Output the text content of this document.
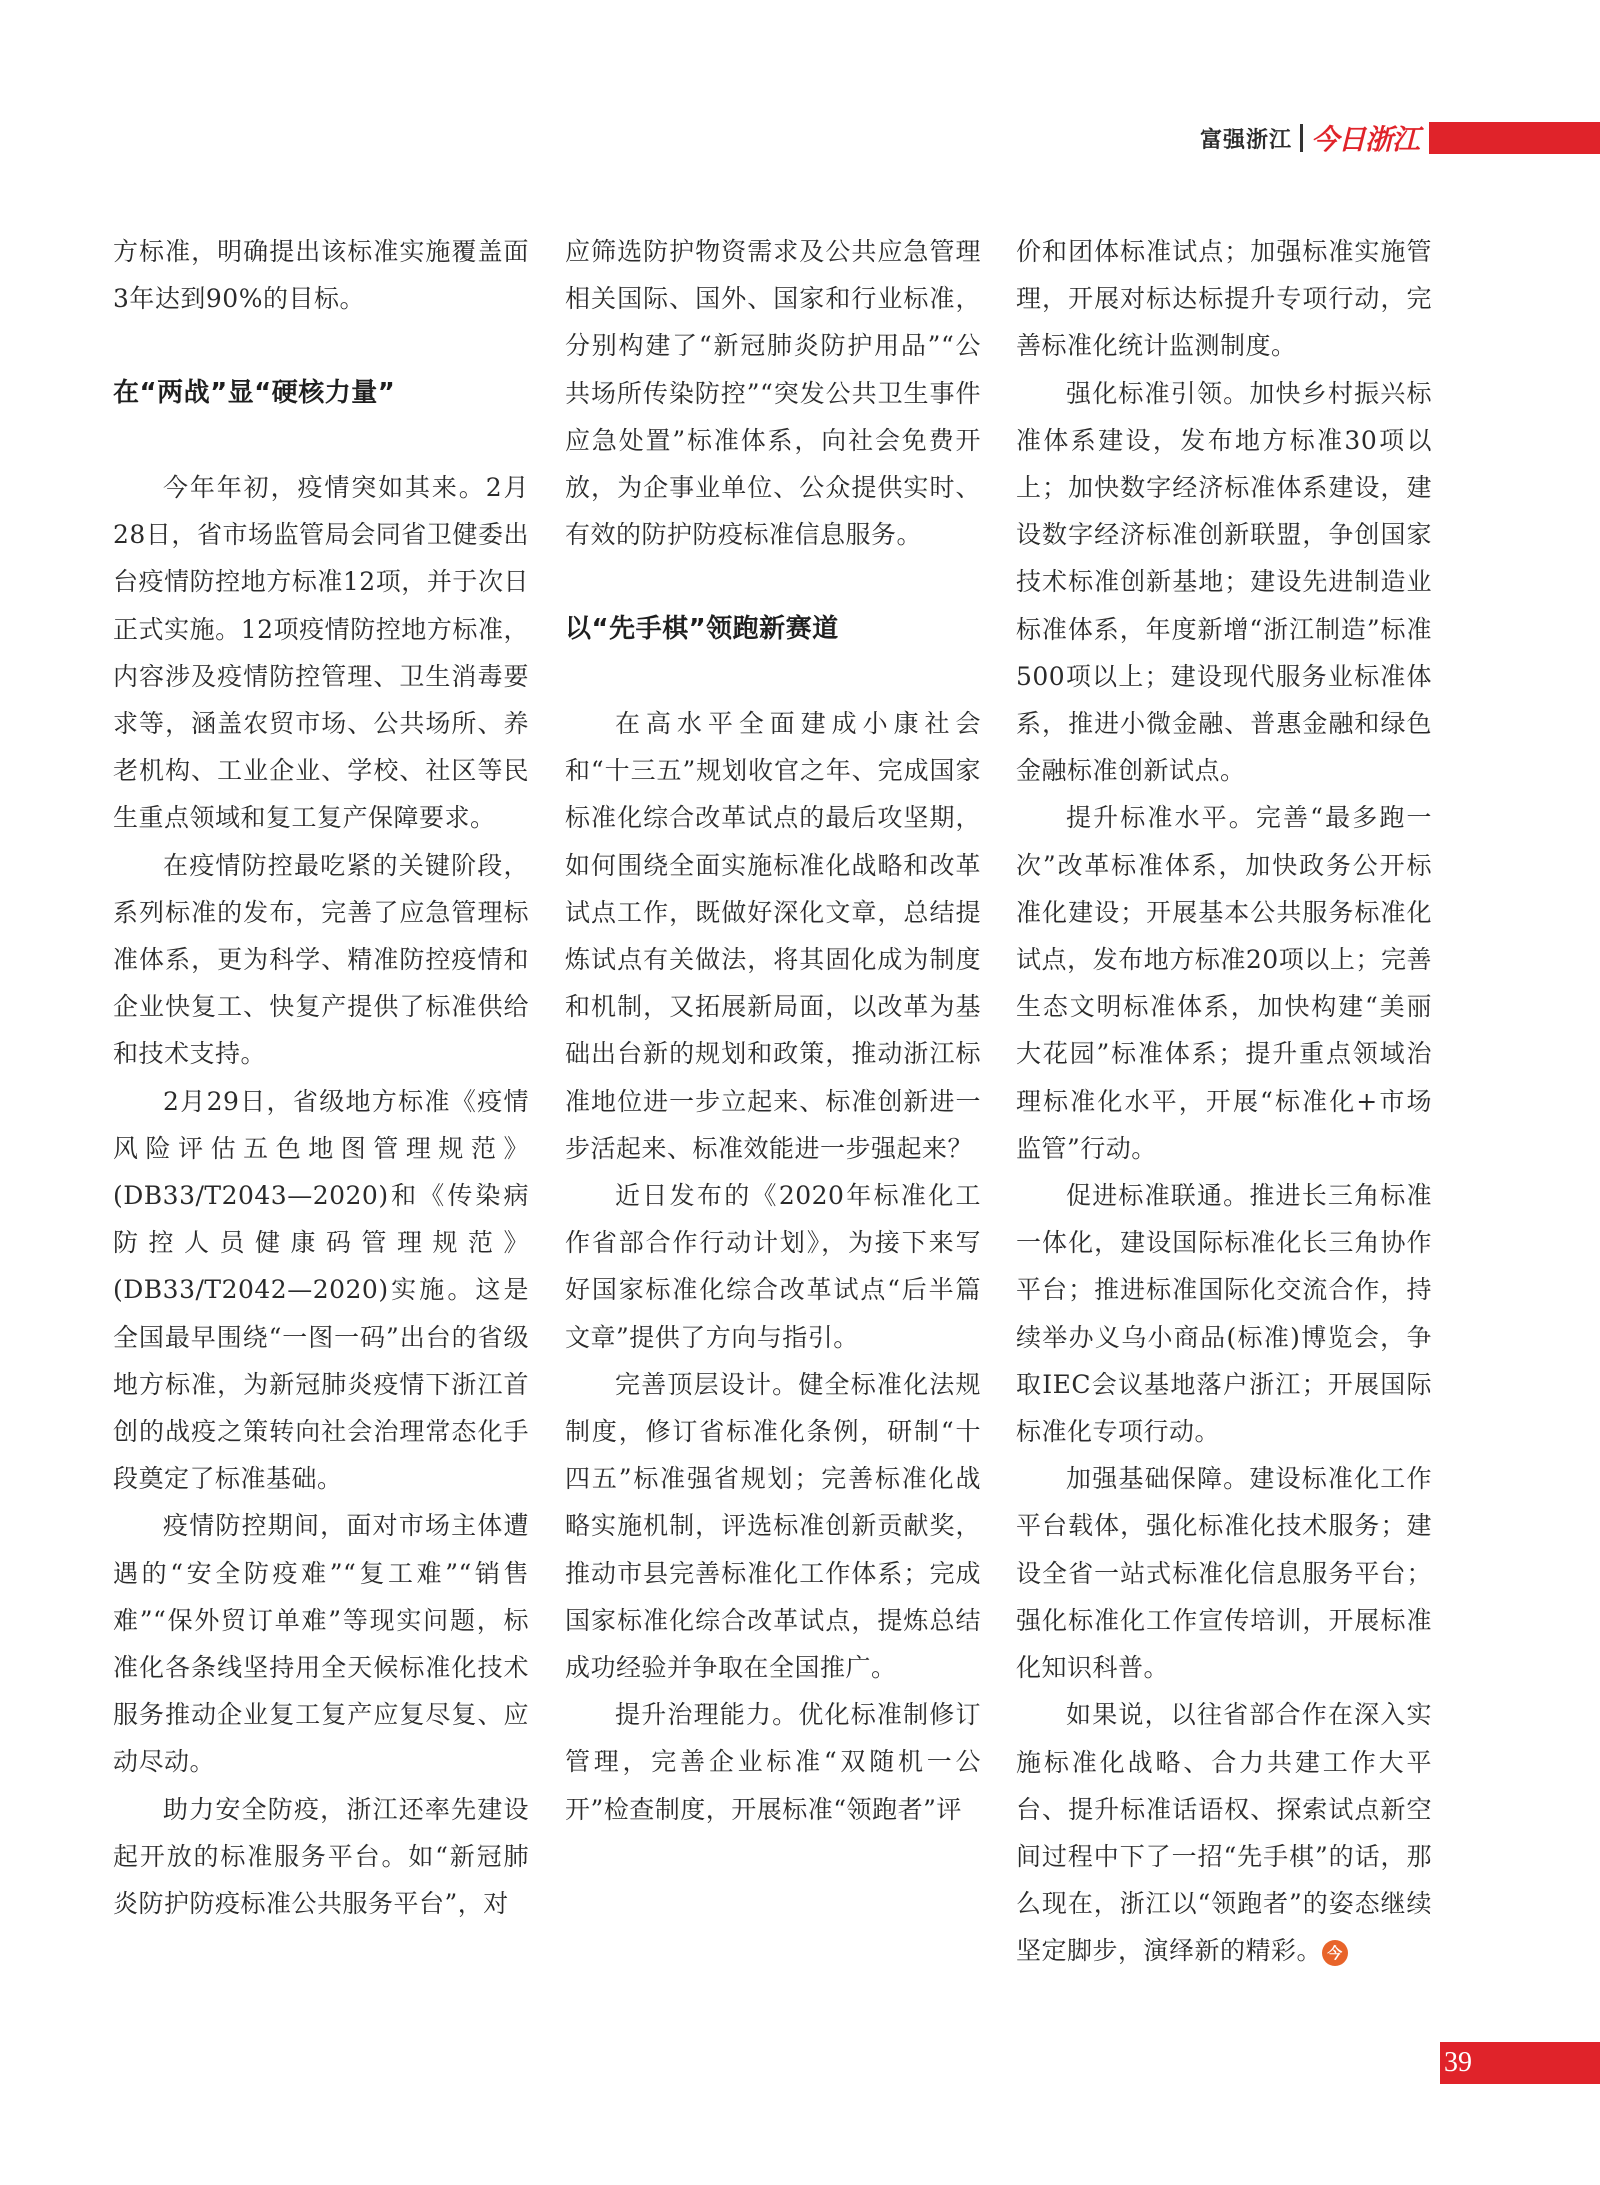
富强浙江 今日浙江

方标准，明确提出该标准实施覆盖面3年达到90%的目标。

在“两战”显“硬核力量”

今年年初，疫情突如其来。2月28日，省市场监管局会同省卫健委出台疫情防控地方标准12项，并于次日正式实施。12项疫情防控地方标准，内容涉及疫情防控管理、卫生消毒要求等，涵盖农贸市场、公共场所、养老机构、工业企业、学校、社区等民生重点领域和复工复产保障要求。

在疫情防控最吃紧的关键阶段，系列标准的发布，完善了应急管理标准体系，更为科学、精准防控疫情和企业快复工、快复产提供了标准供给和技术支持。

2月29日，省级地方标准《疫情风险评估五色地图管理规范》(DB33/T2043—2020)和《传染病防控人员健康码管理规范》(DB33/T2042—2020)实施。这是全国最早围绕“一图一码”出台的省级地方标准，为新冠肺炎疫情下浙江首创的战疫之策转向社会治理常态化手段奠定了标准基础。

疫情防控期间，面对市场主体遭遇的“安全防疫难”“复工难”“销售难”“保外贸订单难”等现实问题，标准化各条线坚持用全天候标准化技术服务推动企业复工复产应复尽复、应动尽动。

助力安全防疫，浙江还率先建设起开放的标准服务平台。如“新冠肺炎防护防疫标准公共服务平台”，对

应筛选防护物资需求及公共应急管理相关国际、国外、国家和行业标准，分别构建了“新冠肺炎防护用品”“公共场所传染防控”“突发公共卫生事件应急处置”标准体系，向社会免费开放，为企事业单位、公众提供实时、有效的防护防疫标准信息服务。

以“先手棋”领跑新赛道

在高水平全面建成小康社会和“十三五”规划收官之年、完成国家标准化综合改革试点的最后攻坚期，如何围绕全面实施标准化战略和改革试点工作，既做好深化文章，总结提炼试点有关做法，将其固化成为制度和机制，又拓展新局面，以改革为基础出台新的规划和政策，推动浙江标准地位进一步立起来、标准创新进一步活起来、标准效能进一步强起来？

近日发布的《2020年标准化工作省部合作行动计划》，为接下来写好国家标准化综合改革试点“后半篇文章”提供了方向与指引。

完善顶层设计。健全标准化法规制度，修订省标准化条例，研制“十四五”标准强省规划；完善标准化战略实施机制，评选标准创新贡献奖，推动市县完善标准化工作体系；完成国家标准化综合改革试点，提炼总结成功经验并争取在全国推广。

提升治理能力。优化标准制修订管理，完善企业标准“双随机一公开”检查制度，开展标准“领跑者”评

价和团体标准试点；加强标准实施管理，开展对标达标提升专项行动，完善标准化统计监测制度。

强化标准引领。加快乡村振兴标准体系建设，发布地方标准30项以上；加快数字经济标准体系建设，建设数字经济标准创新联盟，争创国家技术标准创新基地；建设先进制造业标准体系，年度新增“浙江制造”标准500项以上；建设现代服务业标准体系，推进小微金融、普惠金融和绿色金融标准创新试点。

提升标准水平。完善“最多跑一次”改革标准体系，加快政务公开标准化建设；开展基本公共服务标准化试点，发布地方标准20项以上；完善生态文明标准体系，加快构建“美丽大花园”标准体系；提升重点领域治理标准化水平，开展“标准化+市场监管”行动。

促进标准联通。推进长三角标准一体化，建设国际标准化长三角协作平台；推进标准国际化交流合作，持续举办义乌小商品(标准)博览会，争取IEC会议基地落户浙江；开展国际标准化专项行动。

加强基础保障。建设标准化工作平台载体，强化标准化技术服务；建设全省一站式标准化信息服务平台；强化标准化工作宣传培训，开展标准化知识科普。

如果说，以往省部合作在深入实施标准化战略、合力共建工作大平台、提升标准话语权、探索试点新空间过程中下了一招“先手棋”的话，那么现在，浙江以“领跑者”的姿态继续坚定脚步，演绎新的精彩。 今

39
